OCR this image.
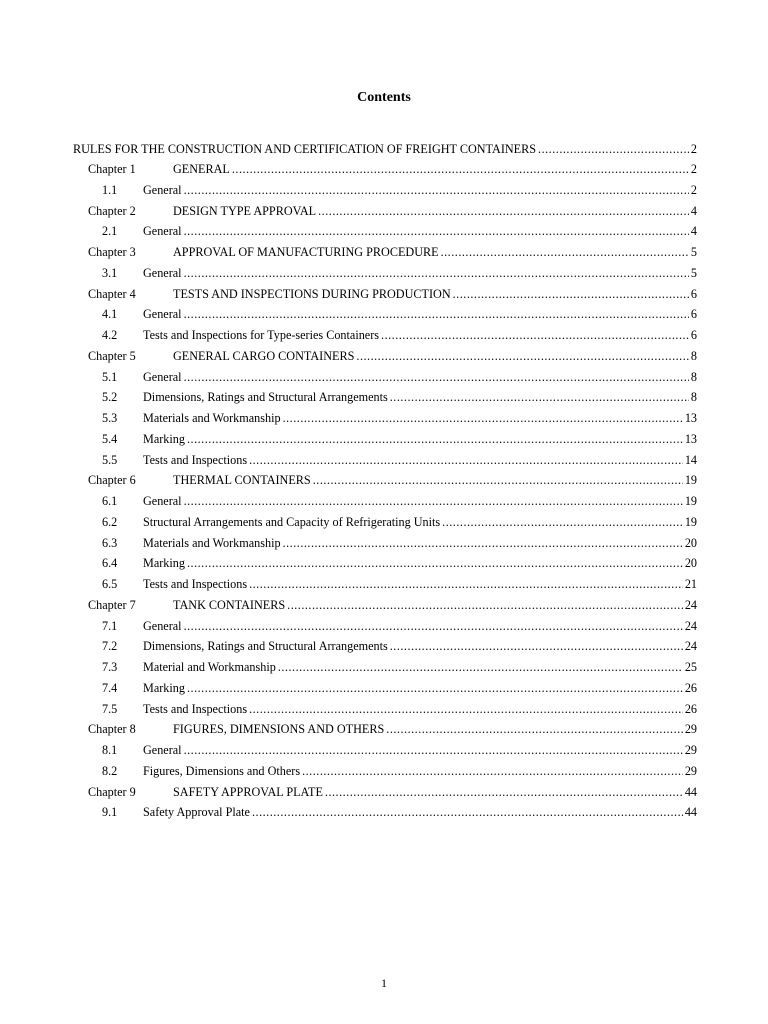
Contents
RULES FOR THE CONSTRUCTION AND CERTIFICATION OF FREIGHT CONTAINERS .....	2
Chapter 1	GENERAL .....	2
1.1	General .....	2
Chapter 2	DESIGN TYPE APPROVAL .....	4
2.1	General .....	4
Chapter 3	APPROVAL OF MANUFACTURING PROCEDURE .....	5
3.1	General .....	5
Chapter 4	TESTS AND INSPECTIONS DURING PRODUCTION .....	6
4.1	General .....	6
4.2	Tests and Inspections for Type-series Containers .....	6
Chapter 5	GENERAL CARGO CONTAINERS .....	8
5.1	General .....	8
5.2	Dimensions, Ratings and Structural Arrangements .....	8
5.3	Materials and Workmanship .....	13
5.4	Marking .....	13
5.5	Tests and Inspections .....	14
Chapter 6	THERMAL CONTAINERS .....	19
6.1	General .....	19
6.2	Structural Arrangements and Capacity of Refrigerating Units .....	19
6.3	Materials and Workmanship .....	20
6.4	Marking .....	20
6.5	Tests and Inspections .....	21
Chapter 7	TANK CONTAINERS .....	24
7.1	General .....	24
7.2	Dimensions, Ratings and Structural Arrangements .....	24
7.3	Material and Workmanship .....	25
7.4	Marking .....	26
7.5	Tests and Inspections .....	26
Chapter 8	FIGURES, DIMENSIONS AND OTHERS .....	29
8.1	General .....	29
8.2	Figures, Dimensions and Others .....	29
Chapter 9	SAFETY APPROVAL PLATE .....	44
9.1	Safety Approval Plate .....	44
1
